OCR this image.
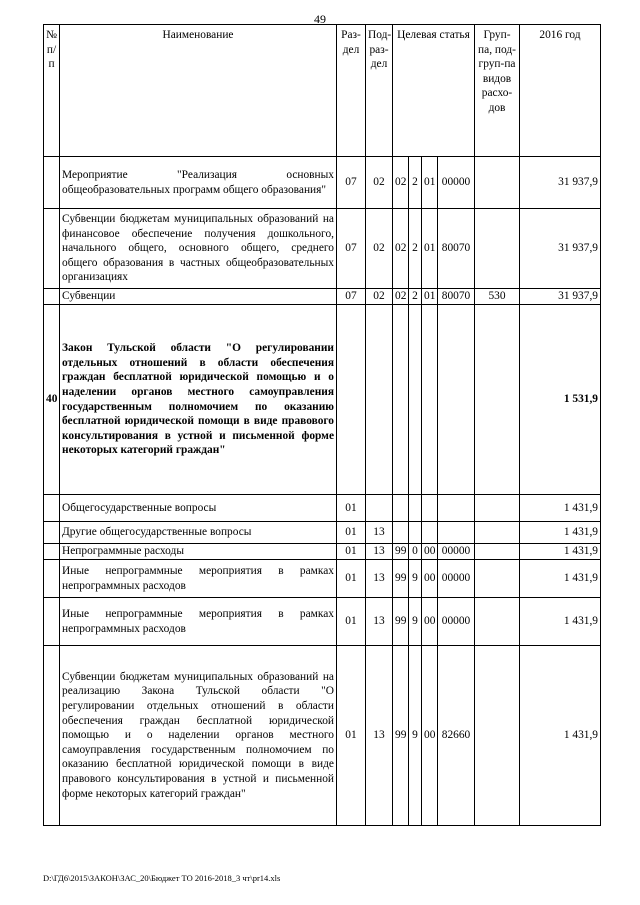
49
№ п/п	Наименование	Раз-дел	Под-раз-дел	Целевая статья				Груп-па, под-груп-па видов расхо-дов	2016 год
	Мероприятие "Реализация основных общеобразовательных программ общего образования"	07	02	02	2	01	00000		31 937,9
	Субвенции бюджетам муниципальных образований на финансовое обеспечение получения дошкольного, начального общего, основного общего, среднего общего образования в частных общеобразовательных организациях	07	02	02	2	01	80070		31 937,9
	Субвенции	07	02	02	2	01	80070	530	31 937,9
40	Закон Тульской области "О регулировании отдельных отношений в области обеспечения граждан бесплатной юридической помощью и о наделении органов местного самоуправления государственным полномочием по оказанию бесплатной юридической помощи в виде правового консультирования в устной и письменной форме некоторых категорий граждан"								1 531,9
	Общегосударственные вопросы	01							1 431,9
	Другие общегосударственные вопросы	01	13						1 431,9
	Непрограммные расходы	01	13	99	0	00	00000		1 431,9
	Иные непрограммные мероприятия в рамках непрограммных расходов	01	13	99	9	00	00000		1 431,9
	Иные непрограммные мероприятия в рамках непрограммных расходов	01	13	99	9	00	00000		1 431,9
	Субвенции бюджетам муниципальных образований на реализацию Закона Тульской области "О регулировании отдельных отношений в области обеспечения граждан бесплатной юридической помощью и о наделении органов местного самоуправления государственным полномочием по оказанию бесплатной юридической помощи в виде правового консультирования в устной и письменной форме некоторых категорий граждан"	01	13	99	9	00	82660		1 431,9
D:\ГД6\2015\ЗАКОН\ЗАС_20\Бюджет ТО 2016-2018_3 чт\pr14.xls
